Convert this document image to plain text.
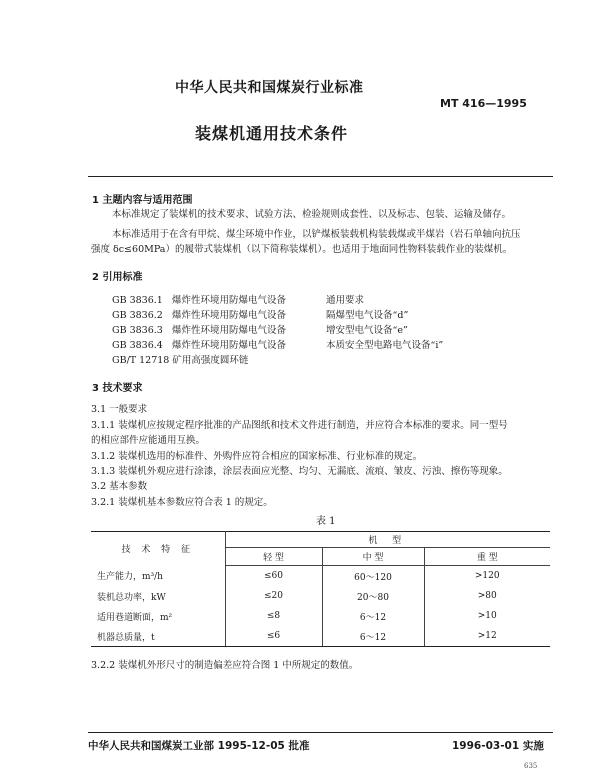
中华人民共和国煤炭行业标准
MT 416—1995
装煤机通用技术条件
1 主题内容与适用范围
本标准规定了装煤机的技术要求、试验方法、检验规则成套性、以及标志、包装、运输及储存。
本标准适用于在含有甲烷、煤尘环境中作业，以铲煤板装载机构装载煤或半煤岩（岩石单轴向抗压
强度 δc≤60MPa）的履带式装煤机（以下简称装煤机）。也适用于地面同性物料装载作业的装煤机。
2 引用标准
GB 3836.1 爆炸性环境用防爆电气设备	通用要求
GB 3836.2 爆炸性环境用防爆电气设备	隔爆型电气设备“d”
GB 3836.3 爆炸性环境用防爆电气设备	增安型电气设备“e”
GB 3836.4 爆炸性环境用防爆电气设备	本质安全型电路电气设备“i”
GB/T 12718 矿用高强度圆环链
3 技术要求
3.1 一般要求
3.1.1 装煤机应按规定程序批准的产品图纸和技术文件进行制造，并应符合本标准的要求。同一型号
的相应部件应能通用互换。
3.1.2 装煤机选用的标准件、外购件应符合相应的国家标准、行业标准的规定。
3.1.3 装煤机外观应进行涂漆，涂层表面应光整、均匀、无漏底、流痕、皱皮、污浊、擦伤等现象。
3.2 基本参数
3.2.1 装煤机基本参数应符合表 1 的规定。
表 1
技 术 特 征	机 型		
	轻 型	中 型	重 型
生产能力，m³/h	≤60	60～120	>120
装机总功率，kW	≤20	20～80	>80
适用巷道断面，m²	≤8	6～12	>10
机器总质量，t	≤6	6～12	>12
3.2.2 装煤机外形尺寸的制造偏差应符合图 1 中所规定的数值。
中华人民共和国煤炭工业部 1995-12-05 批准	1996-03-01 实施
635
